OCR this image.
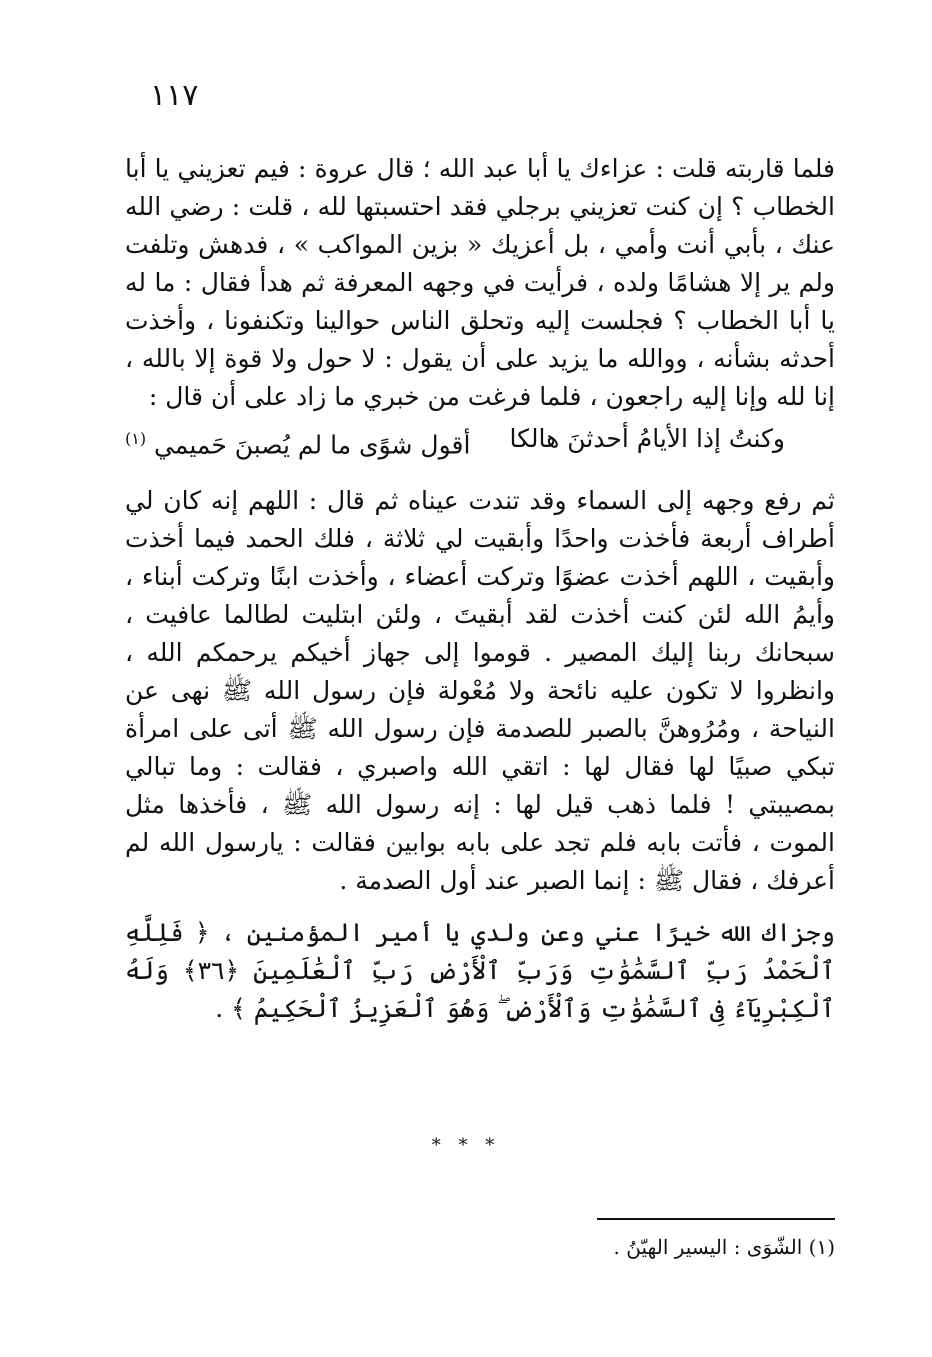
١١٧

فلما قاربته قلت : عزاءك يا أبا عبد الله ؛ قال عروة : فيم تعزيني يا أبا الخطاب ؟ إن كنت تعزيني برجلي فقد احتسبتها لله ، قلت : رضي الله عنك ، بأبي أنت وأمي ، بل أعزيك « بزين المواكب » ، فدهش وتلفت ولم ير إلا هشامًا ولده ، فرأيت في وجهه المعرفة ثم هدأ فقال : ما له يا أبا الخطاب ؟ فجلست إليه وتحلق الناس حوالينا وتكنفونا ، وأخذت أحدثه بشأنه ، ووالله ما يزيد على أن يقول : لا حول ولا قوة إلا بالله ، إنا لله وإنا إليه راجعون ، فلما فرغت من خبري ما زاد على أن قال :

وكنتُ إذا الأيامُ أحدثنَ هالكا
أقول شوًى ما لم يُصبنَ حَميمي $^{(١)}$

ثم رفع وجهه إلى السماء وقد تندت عيناه ثم قال : اللهم إنه كان لي أطراف أربعة فأخذت واحدًا وأبقيت لي ثلاثة ، فلك الحمد فيما أخذت وأبقيت ، اللهم أخذت عضوًا وتركت أعضاء ، وأخذت ابنًا وتركت أبناء ، وأيمُ الله لئن كنت أخذت لقد أبقيتَ ، ولئن ابتليت لطالما عافيت ، سبحانك ربنا إليك المصير . قوموا إلى جهاز أخيكم يرحمكم الله ، وانظروا لا تكون عليه نائحة ولا مُعْولة فإن رسول الله ﷺ نهى عن النياحة ، ومُرُوهنَّ بالصبر للصدمة فإن رسول الله ﷺ أتى على امرأة تبكي صبيًا لها فقال لها : اتقي الله واصبري ، فقالت : وما تبالي بمصيبتي ! فلما ذهب قيل لها : إنه رسول الله ﷺ ، فأخذها مثل الموت ، فأتت بابه فلم تجد على بابه بوابين فقالت : يارسول الله لم أعرفك ، فقال ﷺ : إنما الصبر عند أول الصدمة .

وجزاك الله خيرًا عني وعن ولدي يا أمير المؤمنين ، ﴿ فَلِلَّهِ ٱلْحَمْدُ رَبِّ ٱلسَّمَٰوَٰتِ وَرَبِّ ٱلْأَرْضِ رَبِّ ٱلْعَٰلَمِينَ ﴿٣٦﴾ وَلَهُ ٱلْكِبْرِيَآءُ فِى ٱلسَّمَٰوَٰتِ وَٱلْأَرْضِ ۖ وَهُوَ ٱلْعَزِيزُ ٱلْحَكِيمُ ﴾ .

* * *
(١) الشّوَى : اليسير الهيّنُ .
